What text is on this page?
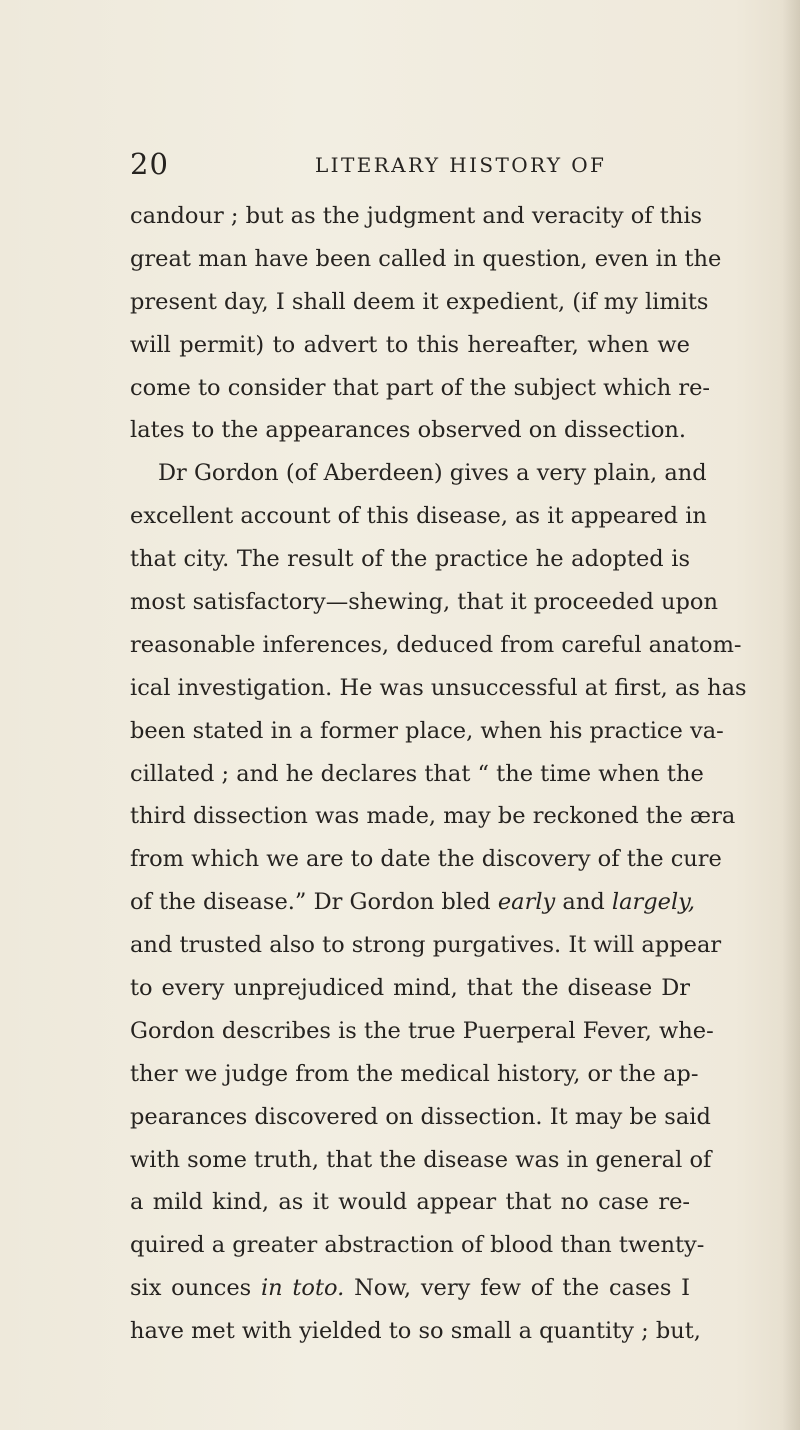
20	LITERARY HISTORY OF
candour ; but as the judgment and veracity of this
great man have been called in question, even in the
present day, I shall deem it expedient, (if my limits
will permit) to advert to this hereafter, when we
come to consider that part of the subject which re-
lates to the appearances observed on dissection.
Dr Gordon (of Aberdeen) gives a very plain, and
excellent account of this disease, as it appeared in
that city. The result of the practice he adopted is
most satisfactory—shewing, that it proceeded upon
reasonable inferences, deduced from careful anatom-
ical investigation. He was unsuccessful at first, as has
been stated in a former place, when his practice va-
cillated ; and he declares that “ the time when the
third dissection was made, may be reckoned the æra
from which we are to date the discovery of the cure
of the disease.” Dr Gordon bled early and largely,
and trusted also to strong purgatives. It will appear
to every unprejudiced mind, that the disease Dr
Gordon describes is the true Puerperal Fever, whe-
ther we judge from the medical history, or the ap-
pearances discovered on dissection. It may be said
with some truth, that the disease was in general of
a mild kind, as it would appear that no case re-
quired a greater abstraction of blood than twenty-
six ounces in toto. Now, very few of the cases I
have met with yielded to so small a quantity ; but,
